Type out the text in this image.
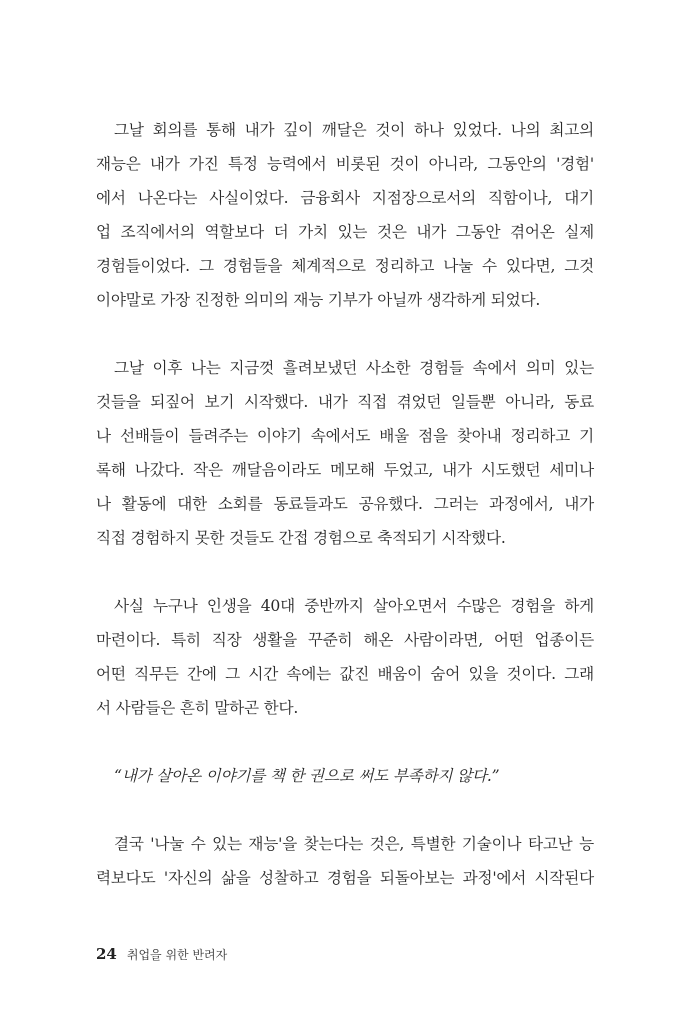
그날 회의를 통해 내가 깊이 깨달은 것이 하나 있었다. 나의 최고의
재능은 내가 가진 특정 능력에서 비롯된 것이 아니라, 그동안의 '경험'
에서 나온다는 사실이었다. 금융회사 지점장으로서의 직함이나, 대기
업 조직에서의 역할보다 더 가치 있는 것은 내가 그동안 겪어온 실제
경험들이었다. 그 경험들을 체계적으로 정리하고 나눌 수 있다면, 그것
이야말로 가장 진정한 의미의 재능 기부가 아닐까 생각하게 되었다.
그날 이후 나는 지금껏 흘려보냈던 사소한 경험들 속에서 의미 있는
것들을 되짚어 보기 시작했다. 내가 직접 겪었던 일들뿐 아니라, 동료
나 선배들이 들려주는 이야기 속에서도 배울 점을 찾아내 정리하고 기
록해 나갔다. 작은 깨달음이라도 메모해 두었고, 내가 시도했던 세미나
나 활동에 대한 소회를 동료들과도 공유했다. 그러는 과정에서, 내가
직접 경험하지 못한 것들도 간접 경험으로 축적되기 시작했다.
사실 누구나 인생을 40대 중반까지 살아오면서 수많은 경험을 하게
마련이다. 특히 직장 생활을 꾸준히 해온 사람이라면, 어떤 업종이든
어떤 직무든 간에 그 시간 속에는 값진 배움이 숨어 있을 것이다. 그래
서 사람들은 흔히 말하곤 한다.
“내가 살아온 이야기를 책 한 권으로 써도 부족하지 않다.”
결국 '나눌 수 있는 재능'을 찾는다는 것은, 특별한 기술이나 타고난 능
력보다도 '자신의 삶을 성찰하고 경험을 되돌아보는 과정'에서 시작된다
24 취업을 위한 반려자
